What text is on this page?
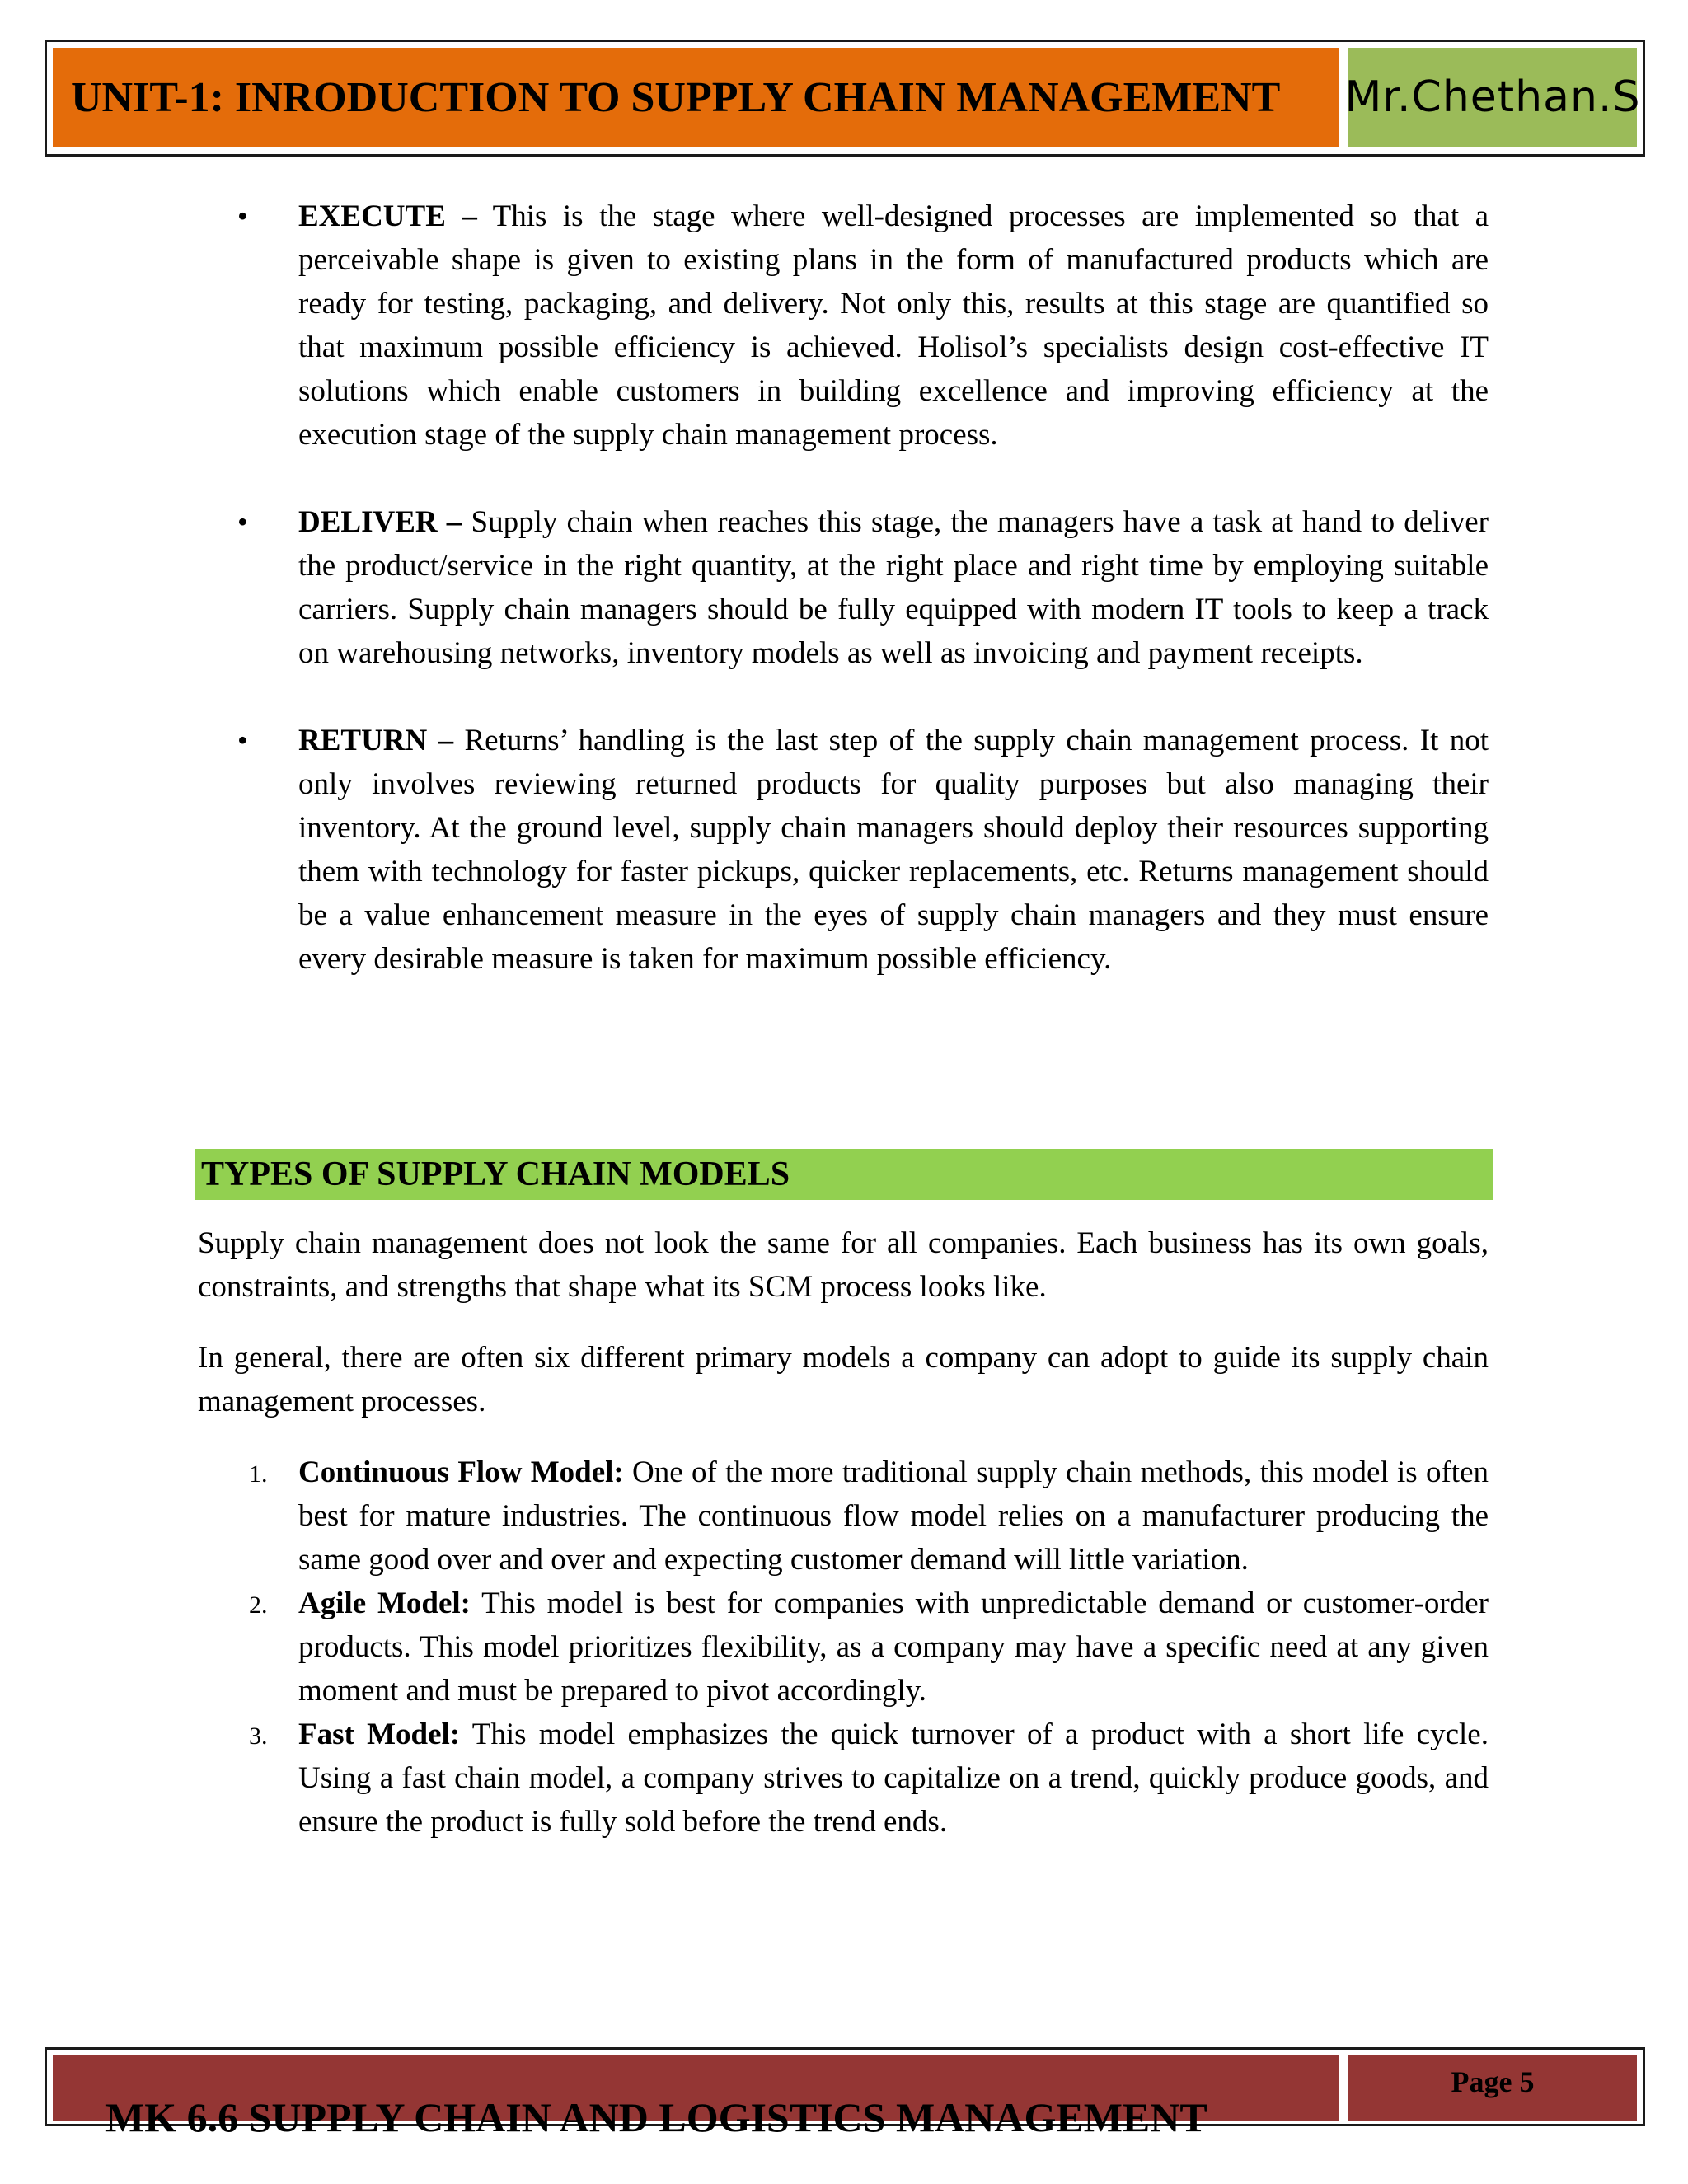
UNIT-1: INRODUCTION TO SUPPLY CHAIN MANAGEMENT	Mr.Chethan.S

• EXECUTE – This is the stage where well-designed processes are implemented so that a perceivable shape is given to existing plans in the form of manufactured products which are ready for testing, packaging, and delivery. Not only this, results at this stage are quantified so that maximum possible efficiency is achieved. Holisol’s specialists design cost-effective IT solutions which enable customers in building excellence and improving efficiency at the execution stage of the supply chain management process.

• DELIVER – Supply chain when reaches this stage, the managers have a task at hand to deliver the product/service in the right quantity, at the right place and right time by employing suitable carriers. Supply chain managers should be fully equipped with modern IT tools to keep a track on warehousing networks, inventory models as well as invoicing and payment receipts.

• RETURN – Returns’ handling is the last step of the supply chain management process. It not only involves reviewing returned products for quality purposes but also managing their inventory. At the ground level, supply chain managers should deploy their resources supporting them with technology for faster pickups, quicker replacements, etc. Returns management should be a value enhancement measure in the eyes of supply chain managers and they must ensure every desirable measure is taken for maximum possible efficiency.

TYPES OF SUPPLY CHAIN MODELS

Supply chain management does not look the same for all companies. Each business has its own goals, constraints, and strengths that shape what its SCM process looks like.

In general, there are often six different primary models a company can adopt to guide its supply chain management processes.

1. Continuous Flow Model: One of the more traditional supply chain methods, this model is often best for mature industries. The continuous flow model relies on a manufacturer producing the same good over and over and expecting customer demand will little variation.

2. Agile Model: This model is best for companies with unpredictable demand or customer-order products. This model prioritizes flexibility, as a company may have a specific need at any given moment and must be prepared to pivot accordingly.

3. Fast Model: This model emphasizes the quick turnover of a product with a short life cycle. Using a fast chain model, a company strives to capitalize on a trend, quickly produce goods, and ensure the product is fully sold before the trend ends.

MK 6.6 SUPPLY CHAIN AND LOGISTICS MANAGEMENT
Page 5
